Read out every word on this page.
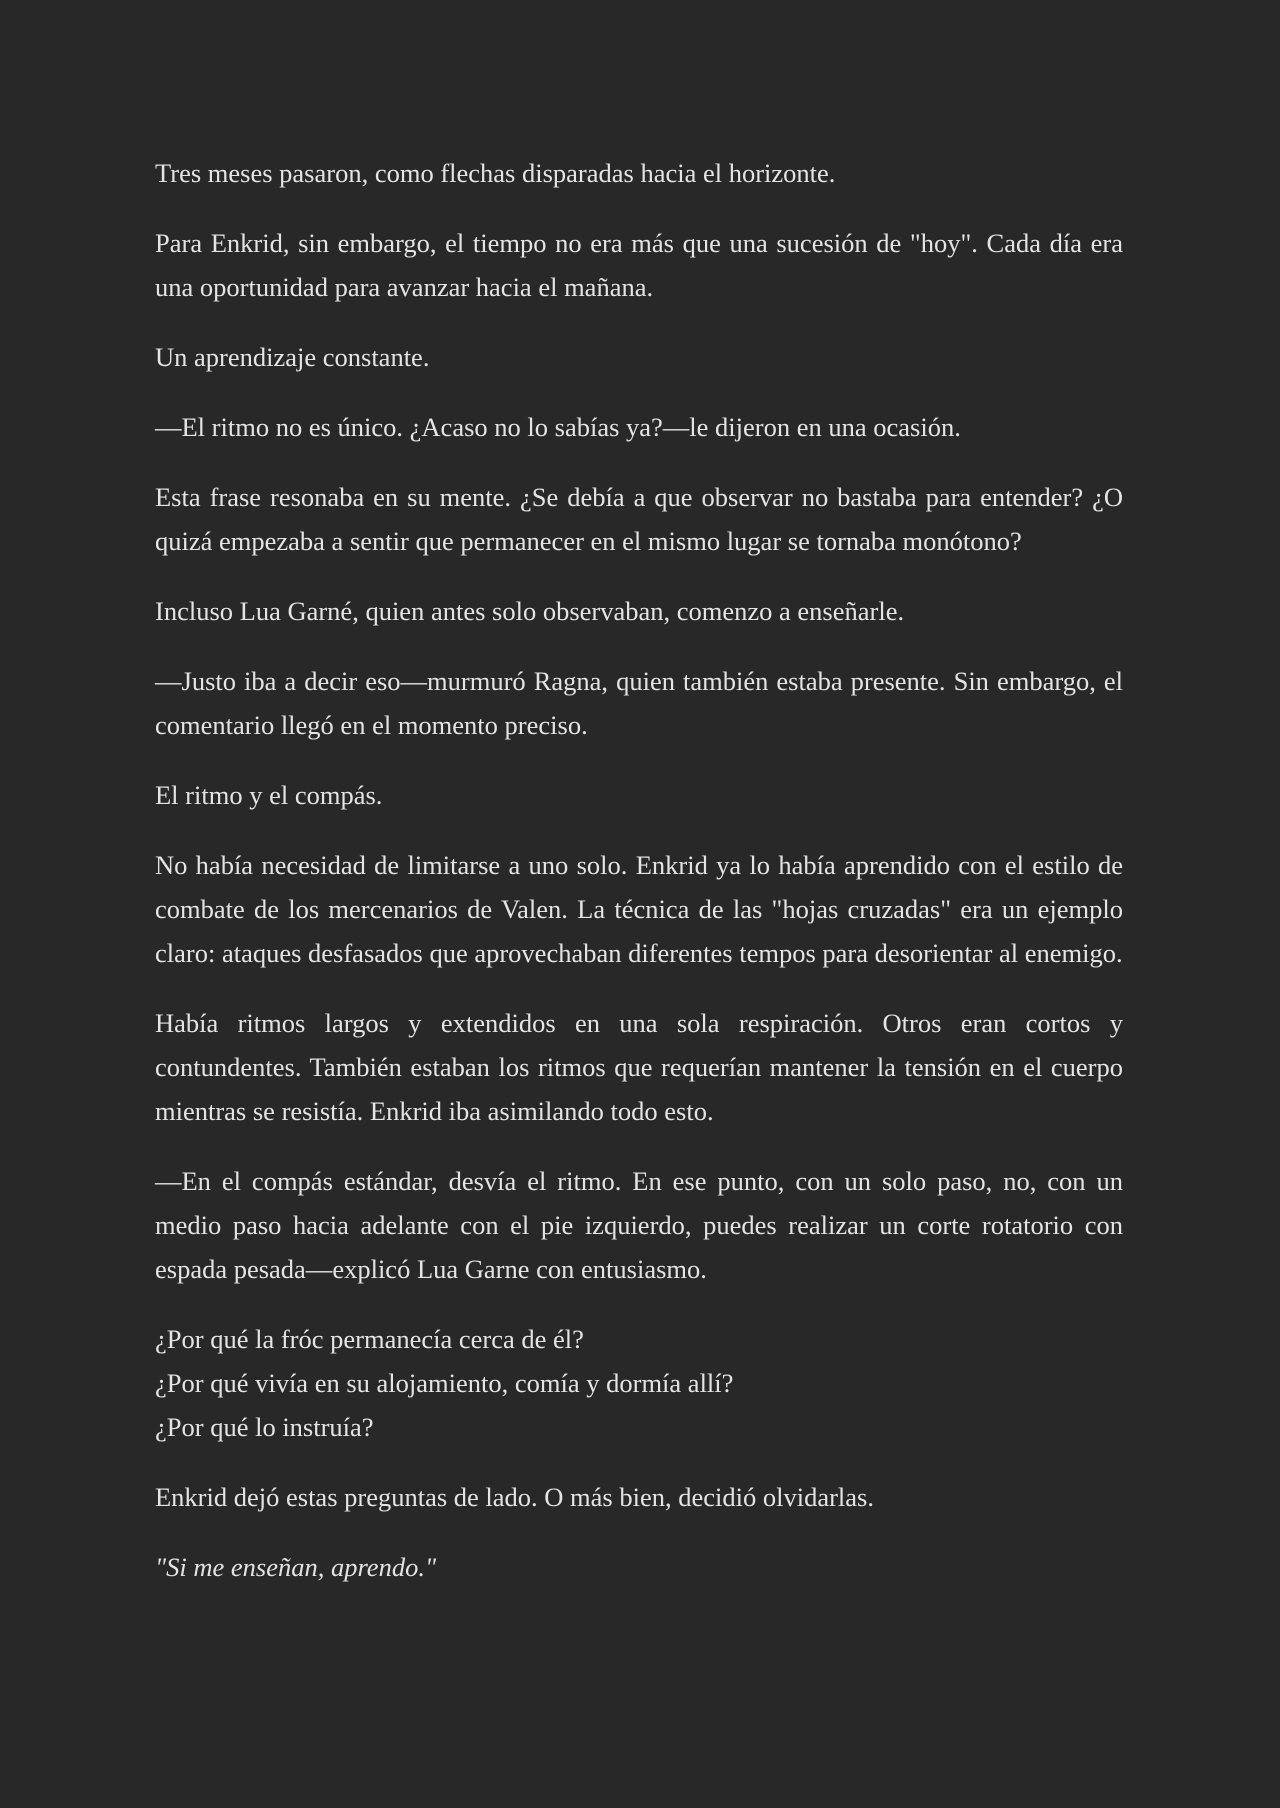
Tres meses pasaron, como flechas disparadas hacia el horizonte.

Para Enkrid, sin embargo, el tiempo no era más que una sucesión de "hoy". Cada día era una oportunidad para avanzar hacia el mañana.

Un aprendizaje constante.

—El ritmo no es único. ¿Acaso no lo sabías ya?—le dijeron en una ocasión.

Esta frase resonaba en su mente. ¿Se debía a que observar no bastaba para entender? ¿O quizá empezaba a sentir que permanecer en el mismo lugar se tornaba monótono?

Incluso Lua Garné, quien antes solo observaban, comenzo a enseñarle.

—Justo iba a decir eso—murmuró Ragna, quien también estaba presente. Sin embargo, el comentario llegó en el momento preciso.

El ritmo y el compás.

No había necesidad de limitarse a uno solo. Enkrid ya lo había aprendido con el estilo de combate de los mercenarios de Valen. La técnica de las "hojas cruzadas" era un ejemplo claro: ataques desfasados que aprovechaban diferentes tempos para desorientar al enemigo.

Había ritmos largos y extendidos en una sola respiración. Otros eran cortos y contundentes. También estaban los ritmos que requerían mantener la tensión en el cuerpo mientras se resistía. Enkrid iba asimilando todo esto.

—En el compás estándar, desvía el ritmo. En ese punto, con un solo paso, no, con un medio paso hacia adelante con el pie izquierdo, puedes realizar un corte rotatorio con espada pesada—explicó Lua Garne con entusiasmo.

¿Por qué la fróc permanecía cerca de él?
¿Por qué vivía en su alojamiento, comía y dormía allí?
¿Por qué lo instruía?

Enkrid dejó estas preguntas de lado. O más bien, decidió olvidarlas.

"Si me enseñan, aprendo."
